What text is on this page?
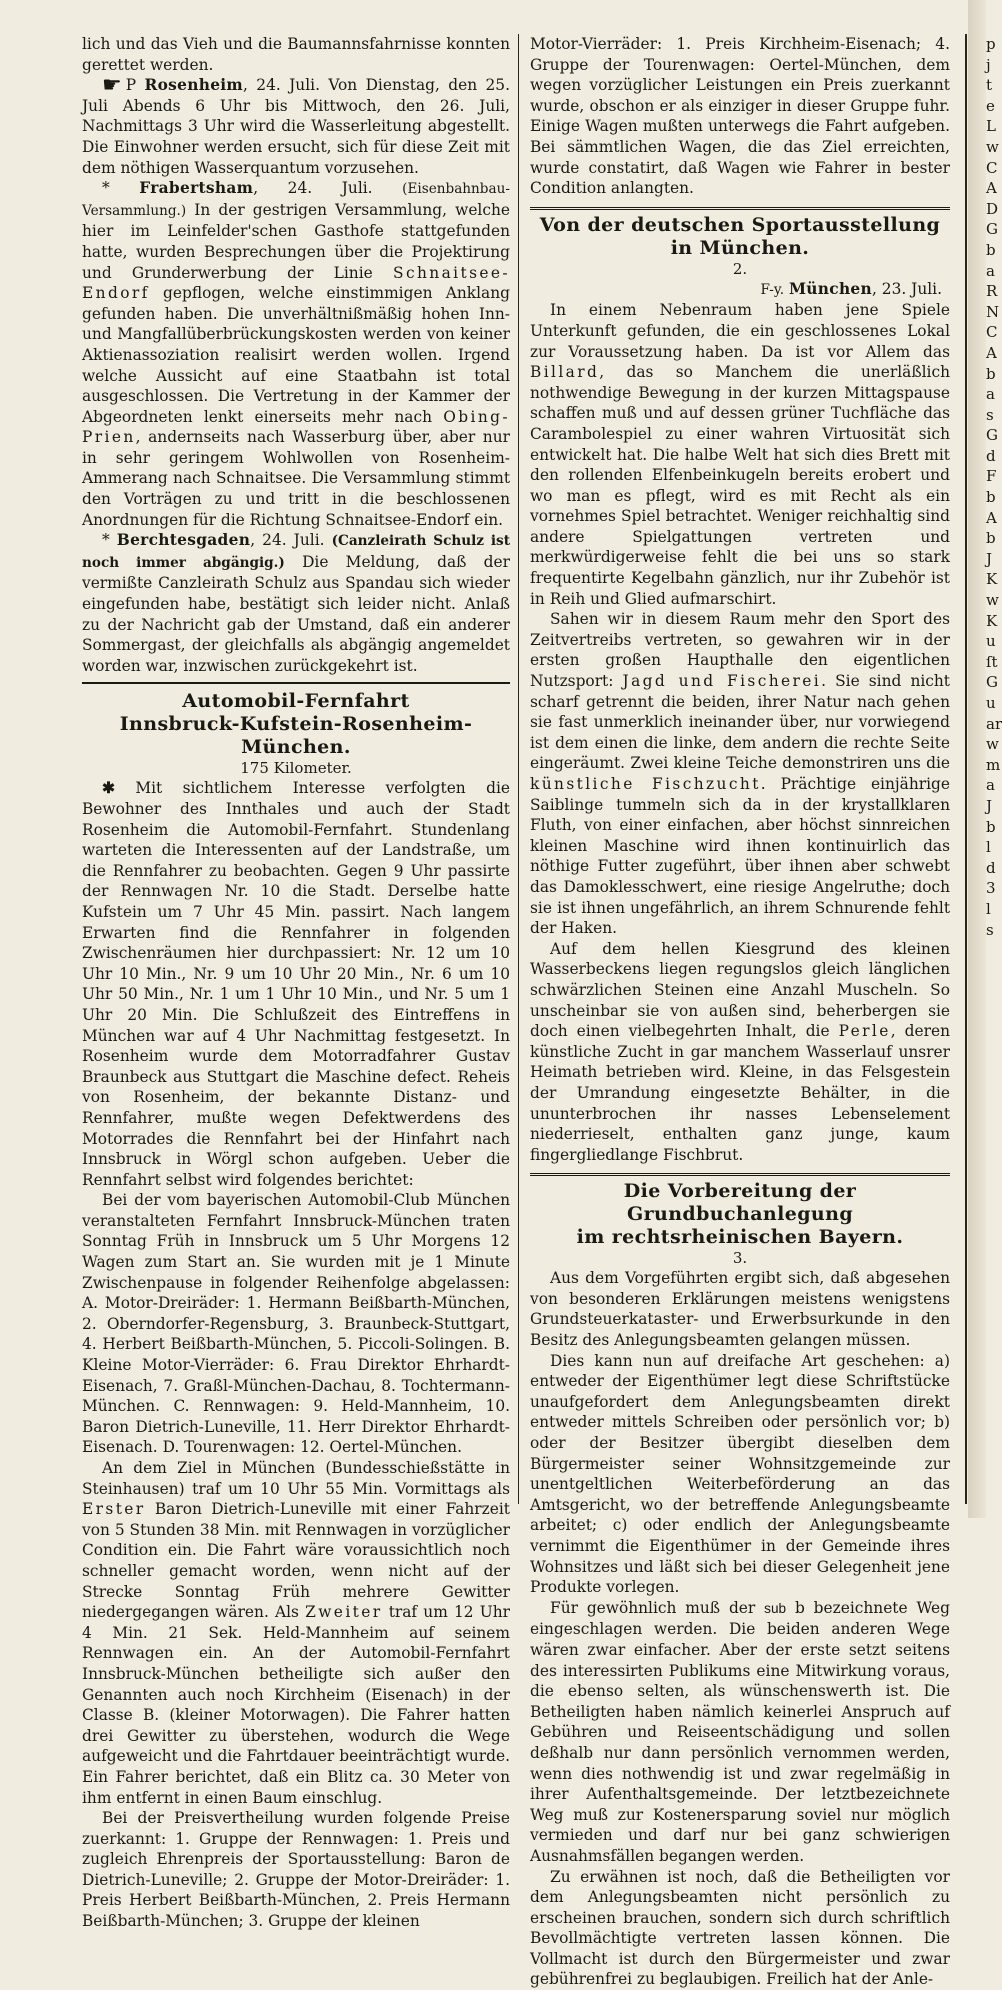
lich und das Vieh und die Baumannsfahrnisse konnten gerettet werden.

☛ P Rosenheim, 24. Juli. Von Dienstag, den 25. Juli Abends 6 Uhr bis Mittwoch, den 26. Juli, Nachmittags 3 Uhr wird die Wasserleitung abgestellt. Die Einwohner werden ersucht, sich für diese Zeit mit dem nöthigen Wasserquantum vorzusehen.

* Frabertsham, 24. Juli. (Eisenbahnbau-Versammlung.) In der gestrigen Versammlung, welche hier im Leinfelder'schen Gasthofe stattgefunden hatte, wurden Besprechungen über die Projektirung und Grunderwerbung der Linie Schnaitsee-Endorf gepflogen, welche einstimmigen Anklang gefunden haben. Die unverhältnißmäßig hohen Inn- und Mangfallüberbrückungskosten werden von keiner Aktienassoziation realisirt werden wollen. Irgend welche Aussicht auf eine Staatbahn ist total ausgeschlossen. Die Vertretung in der Kammer der Abgeordneten lenkt einerseits mehr nach Obing-Prien, andernseits nach Wasserburg über, aber nur in sehr geringem Wohlwollen von Rosenheim-Ammerang nach Schnaitsee. Die Versammlung stimmt den Vorträgen zu und tritt in die beschlossenen Anordnungen für die Richtung Schnaitsee-Endorf ein.

* Berchtesgaden, 24. Juli. (Canzleirath Schulz ist noch immer abgängig.) Die Meldung, daß der vermißte Canzleirath Schulz aus Spandau sich wieder eingefunden habe, bestätigt sich leider nicht. Anlaß zu der Nachricht gab der Umstand, daß ein anderer Sommergast, der gleichfalls als abgängig angemeldet worden war, inzwischen zurückgekehrt ist.

Automobil-Fernfahrt
Innsbruck-Kufstein-Rosenheim-München.
175 Kilometer.

✱ Mit sichtlichem Interesse verfolgten die Bewohner des Innthales und auch der Stadt Rosenheim die Automobil-Fernfahrt. Stundenlang warteten die Interessenten auf der Landstraße, um die Rennfahrer zu beobachten. Gegen 9 Uhr passirte der Rennwagen Nr. 10 die Stadt. Derselbe hatte Kufstein um 7 Uhr 45 Min. passirt. Nach langem Erwarten find die Rennfahrer in folgenden Zwischenräumen hier durchpassiert: Nr. 12 um 10 Uhr 10 Min., Nr. 9 um 10 Uhr 20 Min., Nr. 6 um 10 Uhr 50 Min., Nr. 1 um 1 Uhr 10 Min., und Nr. 5 um 1 Uhr 20 Min. Die Schlußzeit des Eintreffens in München war auf 4 Uhr Nachmittag festgesetzt. In Rosenheim wurde dem Motorradfahrer Gustav Braunbeck aus Stuttgart die Maschine defect. Reheis von Rosenheim, der bekannte Distanz- und Rennfahrer, mußte wegen Defektwerdens des Motorrades die Rennfahrt bei der Hinfahrt nach Innsbruck in Wörgl schon aufgeben. Ueber die Rennfahrt selbst wird folgendes berichtet:

Bei der vom bayerischen Automobil-Club München veranstalteten Fernfahrt Innsbruck-München traten Sonntag Früh in Innsbruck um 5 Uhr Morgens 12 Wagen zum Start an. Sie wurden mit je 1 Minute Zwischenpause in folgender Reihenfolge abgelassen: A. Motor-Dreiräder: 1. Hermann Beißbarth-München, 2. Oberndorfer-Regensburg, 3. Braunbeck-Stuttgart, 4. Herbert Beißbarth-München, 5. Piccoli-Solingen. B. Kleine Motor-Vierräder: 6. Frau Direktor Ehrhardt-Eisenach, 7. Graßl-München-Dachau, 8. Tochtermann-München. C. Rennwagen: 9. Held-Mannheim, 10. Baron Dietrich-Luneville, 11. Herr Direktor Ehrhardt-Eisenach. D. Tourenwagen: 12. Oertel-München.

An dem Ziel in München (Bundesschießstätte in Steinhausen) traf um 10 Uhr 55 Min. Vormittags als Erster Baron Dietrich-Luneville mit einer Fahrzeit von 5 Stunden 38 Min. mit Rennwagen in vorzüglicher Condition ein. Die Fahrt wäre voraussichtlich noch schneller gemacht worden, wenn nicht auf der Strecke Sonntag Früh mehrere Gewitter niedergegangen wären. Als Zweiter traf um 12 Uhr 4 Min. 21 Sek. Held-Mannheim auf seinem Rennwagen ein. An der Automobil-Fernfahrt Innsbruck-München betheiligte sich außer den Genannten auch noch Kirchheim (Eisenach) in der Classe B. (kleiner Motorwagen). Die Fahrer hatten drei Gewitter zu überstehen, wodurch die Wege aufgeweicht und die Fahrtdauer beeinträchtigt wurde. Ein Fahrer berichtet, daß ein Blitz ca. 30 Meter von ihm entfernt in einen Baum einschlug.

Bei der Preisvertheilung wurden folgende Preise zuerkannt: 1. Gruppe der Rennwagen: 1. Preis und zugleich Ehrenpreis der Sportausstellung: Baron de Dietrich-Luneville; 2. Gruppe der Motor-Dreiräder: 1. Preis Herbert Beißbarth-München, 2. Preis Hermann Beißbarth-München; 3. Gruppe der kleinen

Motor-Vierräder: 1. Preis Kirchheim-Eisenach; 4. Gruppe der Tourenwagen: Oertel-München, dem wegen vorzüglicher Leistungen ein Preis zuerkannt wurde, obschon er als einziger in dieser Gruppe fuhr. Einige Wagen mußten unterwegs die Fahrt aufgeben. Bei sämmtlichen Wagen, die das Ziel erreichten, wurde constatirt, daß Wagen wie Fahrer in bester Condition anlangten.

Von der deutschen Sportausstellung
in München.
2.
F-y. München, 23. Juli.

In einem Nebenraum haben jene Spiele Unterkunft gefunden, die ein geschlossenes Lokal zur Voraussetzung haben. Da ist vor Allem das Billard, das so Manchem die unerläßlich nothwendige Bewegung in der kurzen Mittagspause schaffen muß und auf dessen grüner Tuchfläche das Carambolespiel zu einer wahren Virtuosität sich entwickelt hat. Die halbe Welt hat sich dies Brett mit den rollenden Elfenbeinkugeln bereits erobert und wo man es pflegt, wird es mit Recht als ein vornehmes Spiel betrachtet. Weniger reichhaltig sind andere Spielgattungen vertreten und merkwürdigerweise fehlt die bei uns so stark frequentirte Kegelbahn gänzlich, nur ihr Zubehör ist in Reih und Glied aufmarschirt.

Sahen wir in diesem Raum mehr den Sport des Zeitvertreibs vertreten, so gewahren wir in der ersten großen Haupthalle den eigentlichen Nutzsport: Jagd und Fischerei. Sie sind nicht scharf getrennt die beiden, ihrer Natur nach gehen sie fast unmerklich ineinander über, nur vorwiegend ist dem einen die linke, dem andern die rechte Seite eingeräumt. Zwei kleine Teiche demonstriren uns die künstliche Fischzucht. Prächtige einjährige Saiblinge tummeln sich da in der krystallklaren Fluth, von einer einfachen, aber höchst sinnreichen kleinen Maschine wird ihnen kontinuirlich das nöthige Futter zugeführt, über ihnen aber schwebt das Damoklesschwert, eine riesige Angelruthe; doch sie ist ihnen ungefährlich, an ihrem Schnurende fehlt der Haken.

Auf dem hellen Kiesgrund des kleinen Wasserbeckens liegen regungslos gleich länglichen schwärzlichen Steinen eine Anzahl Muscheln. So unscheinbar sie von außen sind, beherbergen sie doch einen vielbegehrten Inhalt, die Perle, deren künstliche Zucht in gar manchem Wasserlauf unsrer Heimath betrieben wird. Kleine, in das Felsgestein der Umrandung eingesetzte Behälter, in die ununterbrochen ihr nasses Lebenselement niederrieselt, enthalten ganz junge, kaum fingergliedlange Fischbrut.

Die Vorbereitung der Grundbuchanlegung
im rechtsrheinischen Bayern.
3.

Aus dem Vorgeführten ergibt sich, daß abgesehen von besonderen Erklärungen meistens wenigstens Grundsteuerkataster- und Erwerbsurkunde in den Besitz des Anlegungsbeamten gelangen müssen.

Dies kann nun auf dreifache Art geschehen: a) entweder der Eigenthümer legt diese Schriftstücke unaufgefordert dem Anlegungsbeamten direkt entweder mittels Schreiben oder persönlich vor; b) oder der Besitzer übergibt dieselben dem Bürgermeister seiner Wohnsitzgemeinde zur unentgeltlichen Weiterbeförderung an das Amtsgericht, wo der betreffende Anlegungsbeamte arbeitet; c) oder endlich der Anlegungsbeamte vernimmt die Eigenthümer in der Gemeinde ihres Wohnsitzes und läßt sich bei dieser Gelegenheit jene Produkte vorlegen.

Für gewöhnlich muß der sub b bezeichnete Weg eingeschlagen werden. Die beiden anderen Wege wären zwar einfacher. Aber der erste setzt seitens des interessirten Publikums eine Mitwirkung voraus, die ebenso selten, als wünschenswerth ist. Die Betheiligten haben nämlich keinerlei Anspruch auf Gebühren und Reiseentschädigung und sollen deßhalb nur dann persönlich vernommen werden, wenn dies nothwendig ist und zwar regelmäßig in ihrer Aufenthaltsgemeinde. Der letztbezeichnete Weg muß zur Kostenersparung soviel nur möglich vermieden und darf nur bei ganz schwierigen Ausnahmsfällen begangen werden.

Zu erwähnen ist noch, daß die Betheiligten vor dem Anlegungsbeamten nicht persönlich zu erscheinen brauchen, sondern sich durch schriftlich Bevollmächtigte vertreten lassen können. Die Vollmacht ist durch den Bürgermeister und zwar gebührenfrei zu beglaubigen. Freilich hat der Anle-

p
j
t
e
L
w
C
A
D
G
b
a
R
N
C
A
b
a
s
G
d
F
b
A
b
J
K
w
K
u
ſt
G
u
ar
w
m
a
J
b
l
d
3
l
s
